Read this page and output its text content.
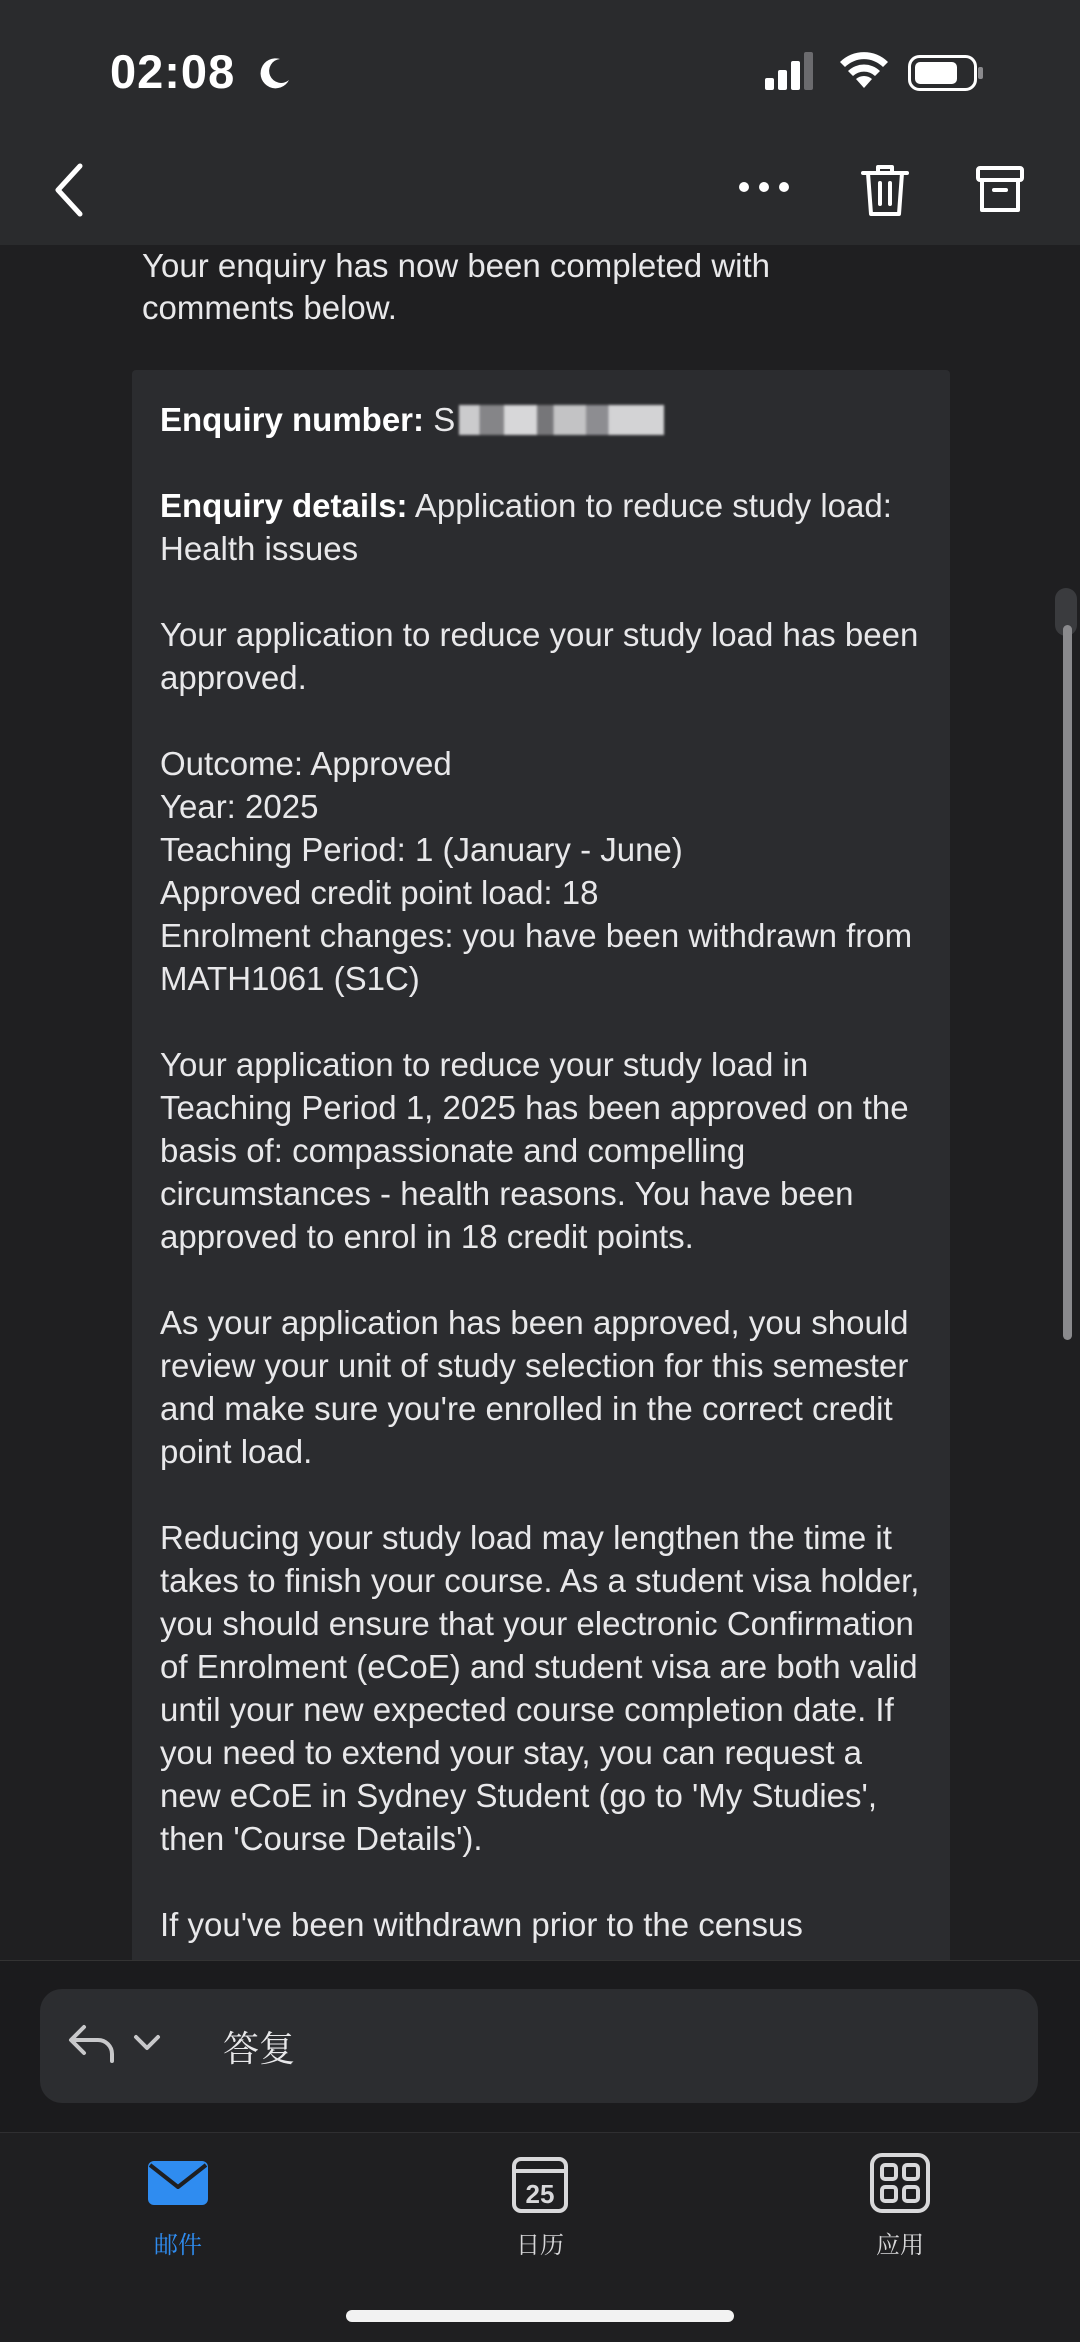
02:08
Your enquiry has now been completed with comments below.

Enquiry number: S

Enquiry details: Application to reduce study load: Health issues

Your application to reduce your study load has been approved.

Outcome: Approved
Year: 2025
Teaching Period: 1 (January - June)
Approved credit point load: 18
Enrolment changes: you have been withdrawn from MATH1061 (S1C)

Your application to reduce your study load in Teaching Period 1, 2025 has been approved on the basis of: compassionate and compelling circumstances - health reasons. You have been approved to enrol in 18 credit points.

As your application has been approved, you should review your unit of study selection for this semester and make sure you're enrolled in the correct credit point load.

Reducing your study load may lengthen the time it takes to finish your course. As a student visa holder, you should ensure that your electronic Confirmation of Enrolment (eCoE) and student visa are both valid until your new expected course completion date. If you need to extend your stay, you can request a new eCoE in Sydney Student (go to 'My Studies', then 'Course Details').

If you've been withdrawn prior to the census

答复
邮件
25
日历	应用
